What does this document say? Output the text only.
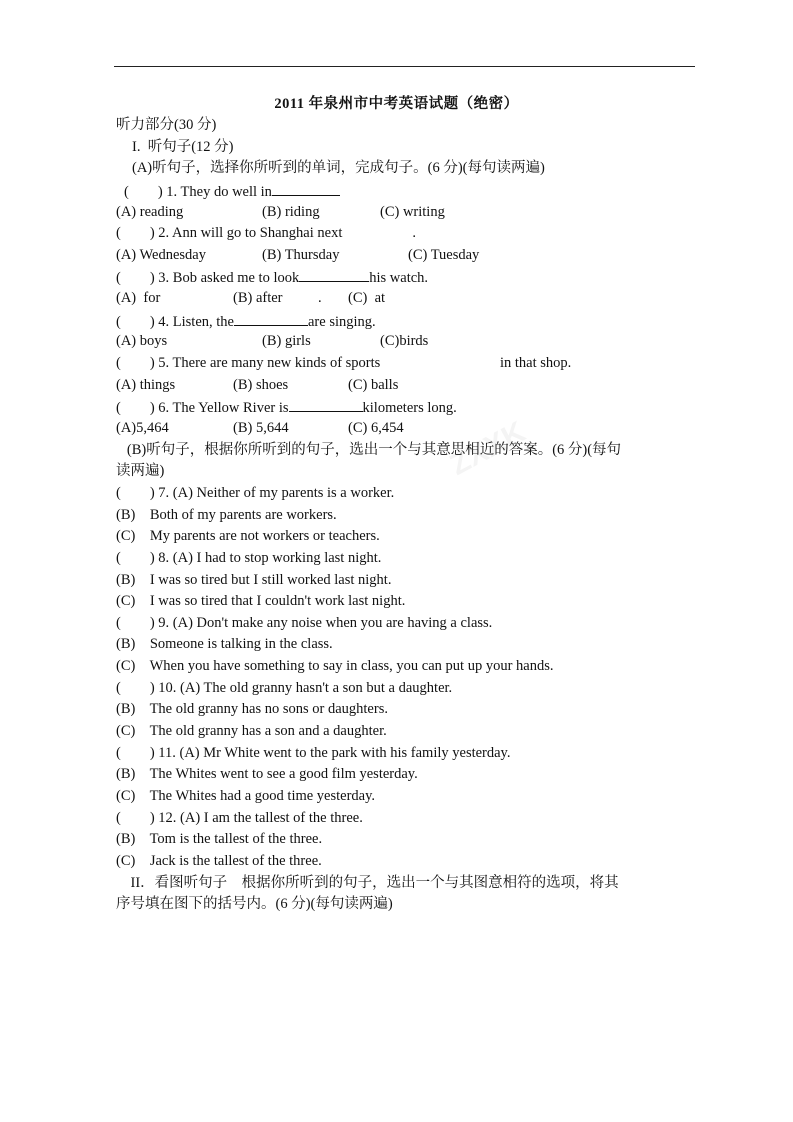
2011 年泉州市中考英语试题（绝密）
听力部分(30 分)
I.  听句子(12 分)
(A)听句子，选择你所听到的单词，完成句子。(6 分)(每句读两遍)
(        ) 1. They do well in
(A) reading	(B) riding	(C) writing
(        ) 2. Ann will go to Shanghai next	.
(A) Wednesday	(B) Thursday	(C) Tuesday
(        ) 3. Bob asked me to look	his watch.
(A)  for	(B) after . (C)  at
(        ) 4. Listen, the	are singing.
(A) boys	(B) girls	(C)birds
(        ) 5. There are many new kinds of sports	in that shop.
(A) things	(B) shoes	(C) balls
(        ) 6. The Yellow River is	kilometers long.
(A)5,464	(B) 5,644	(C) 6,454
(B)听句子，根据你所听到的句子，选出一个与其意思相近的答案。(6 分)(每句
读两遍)
(        ) 7. (A) Neither of my parents is a worker.
(B)    Both of my parents are workers.
(C)    My parents are not workers or teachers.
(        ) 8. (A) I had to stop working last night.
(B)    I was so tired but I still worked last night.
(C)    I was so tired that I couldn't work last night.
(        ) 9. (A) Don't make any noise when you are having a class.
(B)    Someone is talking in the class.
(C)    When you have something to say in class, you can put up your hands.
(        ) 10. (A) The old granny hasn't a son but a daughter.
(B)    The old granny has no sons or daughters.
(C)    The old granny has a son and a daughter.
(        ) 11. (A) Mr White went to the park with his family yesterday.
(B)    The Whites went to see a good film yesterday.
(C)    The Whites had a good time yesterday.
(        ) 12. (A) I am the tallest of the three.
(B)    Tom is the tallest of the three.
(C)    Jack is the tallest of the three.
II．看图听句子    根据你所听到的句子，选出一个与其图意相符的选项，将其
序号填在图下的括号内。(6 分)(每句读两遍)
